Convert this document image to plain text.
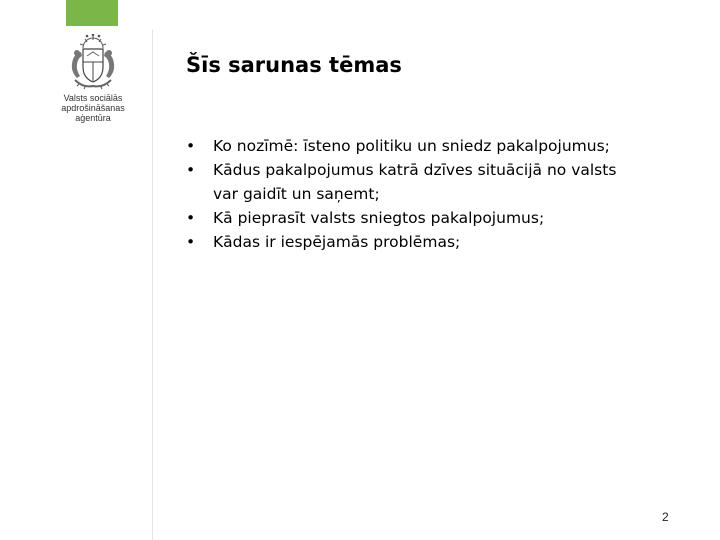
Valsts sociālās
apdrošināšanas
aģentūra
Šīs sarunas tēmas
• Ko nozīmē: īsteno politiku un sniedz pakalpojumus;
• Kādus pakalpojumus katrā dzīves situācijā no valsts var gaidīt un saņemt;
• Kā pieprasīt valsts sniegtos pakalpojumus;
• Kādas ir iespējamās problēmas;
2
